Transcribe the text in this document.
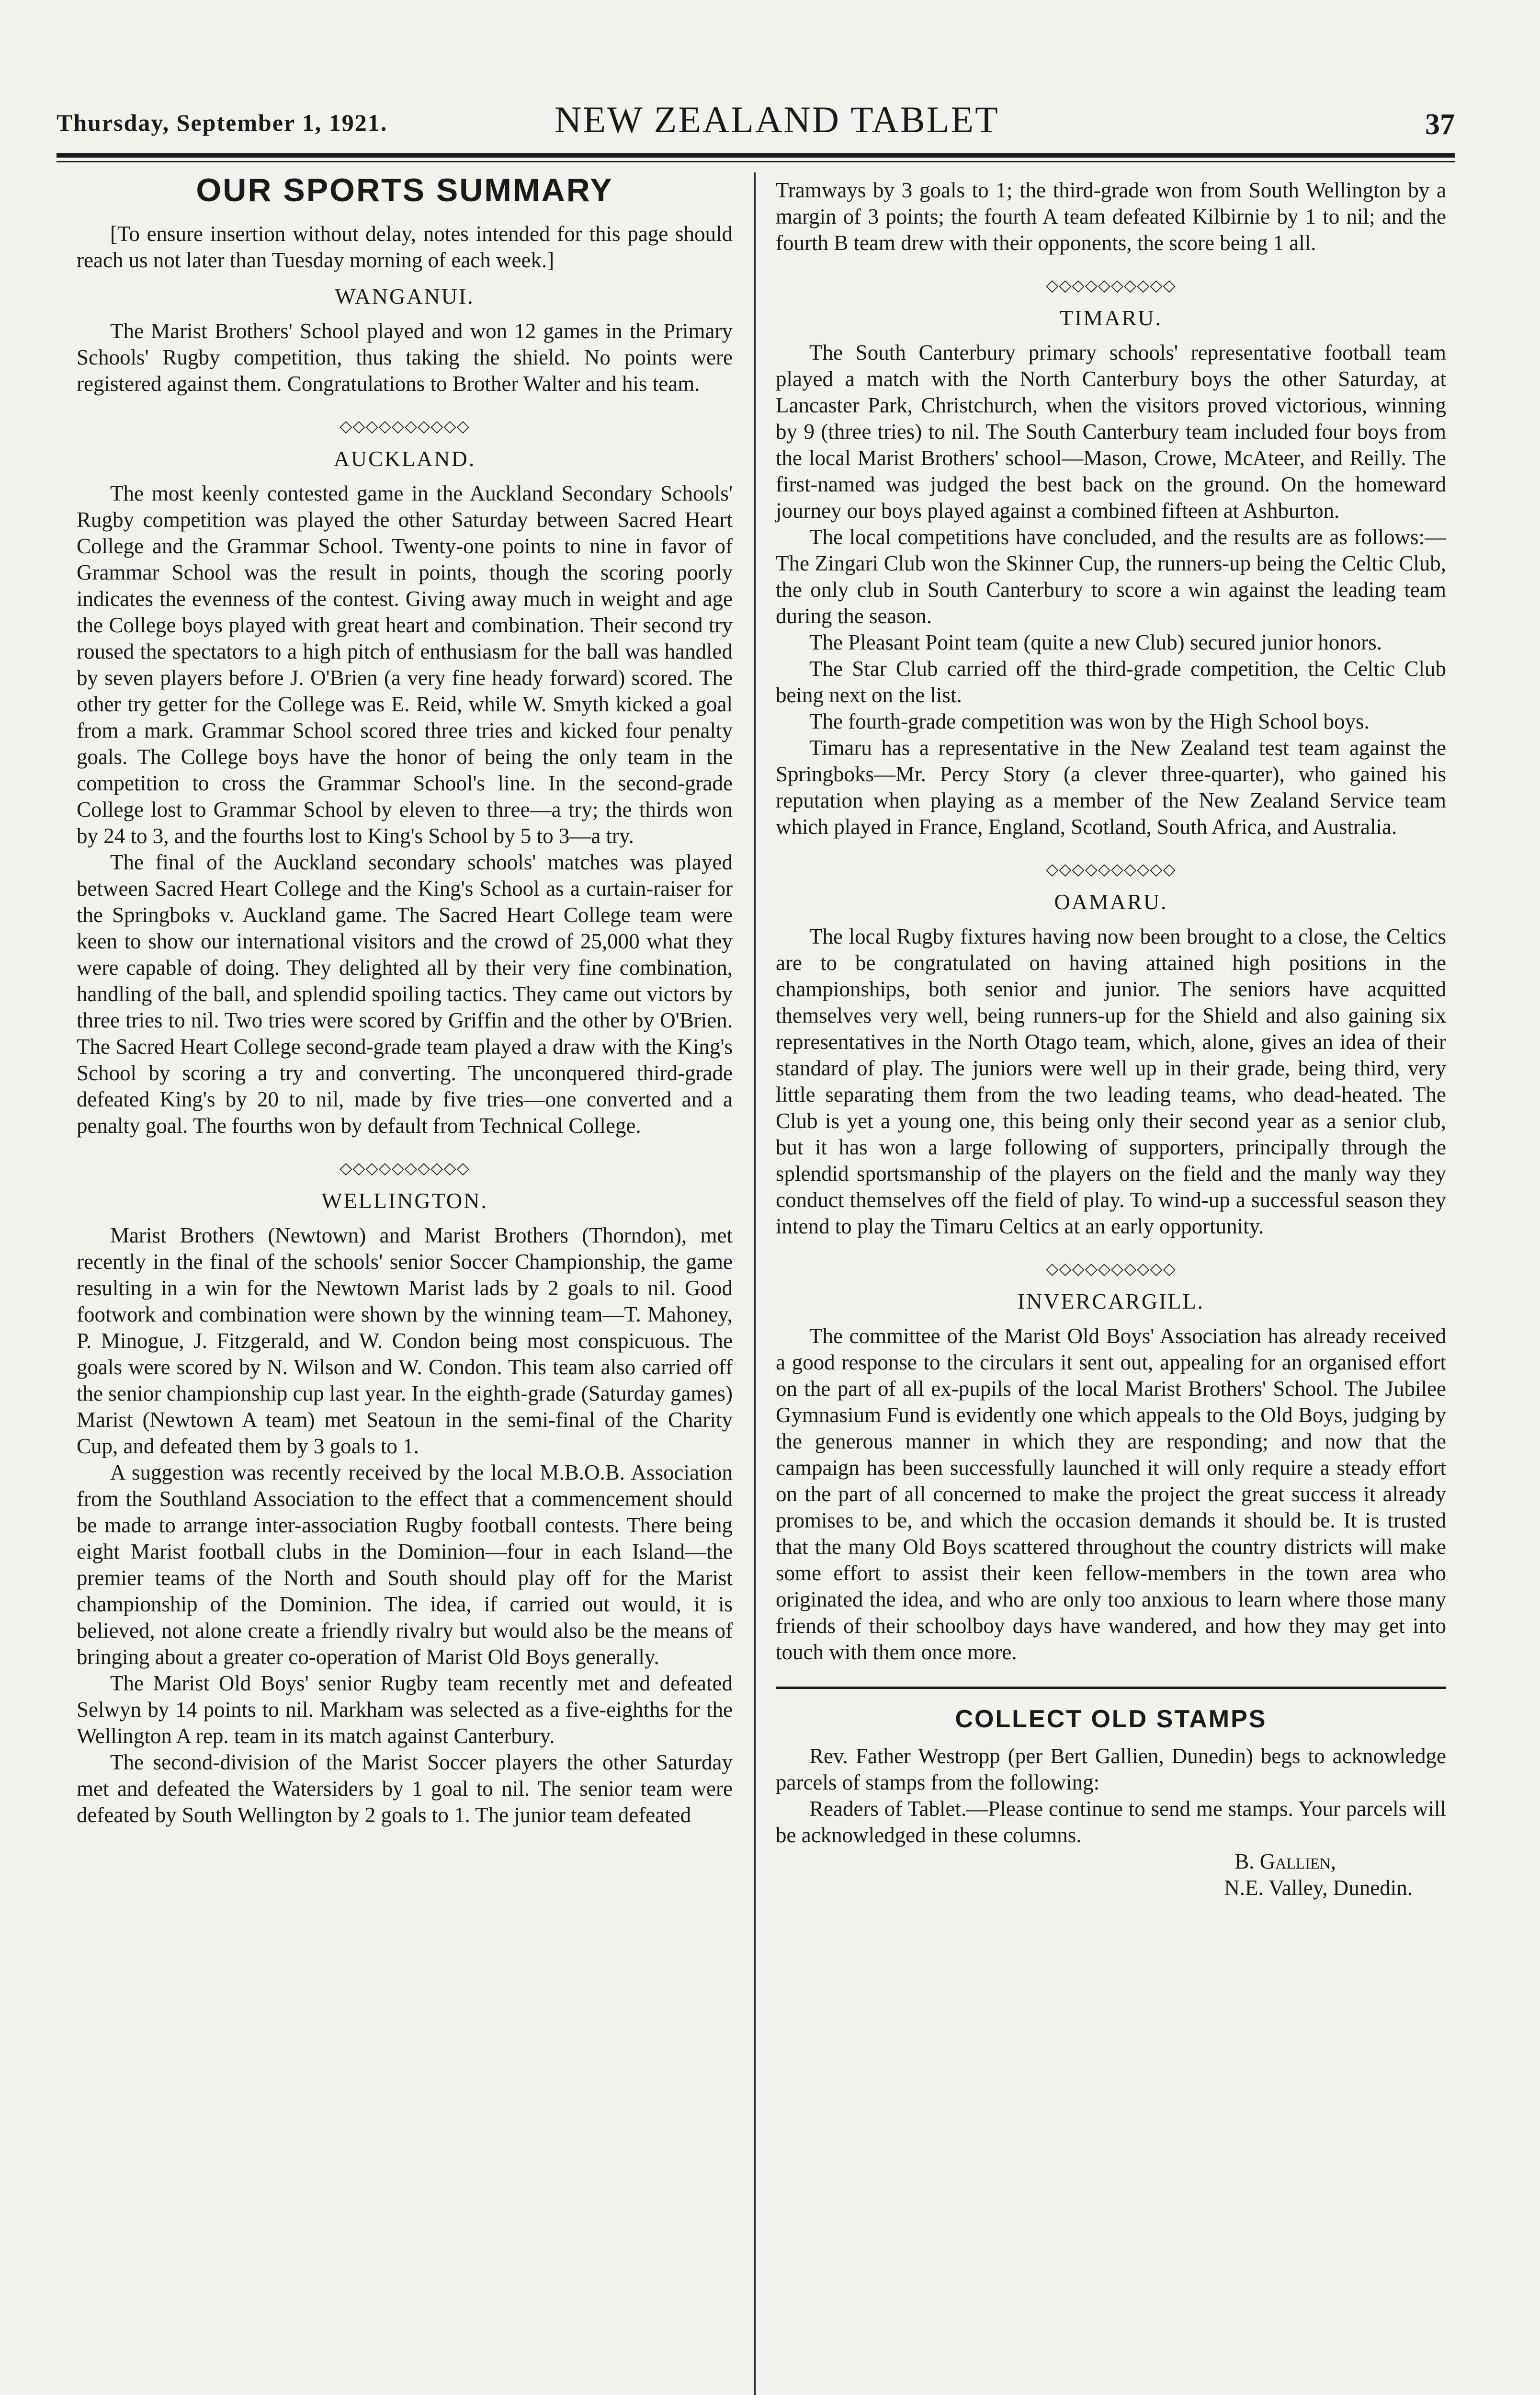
Thursday, September 1, 1921.	NEW ZEALAND TABLET	37
OUR SPORTS SUMMARY

[To ensure insertion without delay, notes intended for this page should reach us not later than Tuesday morning of each week.]

WANGANUI.

The Marist Brothers' School played and won 12 games in the Primary Schools' Rugby competition, thus taking the shield. No points were registered against them. Congratulations to Brother Walter and his team.

◇◇◇◇◇◇◇◇◇◇
AUCKLAND.

The most keenly contested game in the Auckland Secondary Schools' Rugby competition was played the other Saturday between Sacred Heart College and the Grammar School. Twenty-one points to nine in favor of Grammar School was the result in points, though the scoring poorly indicates the evenness of the contest. Giving away much in weight and age the College boys played with great heart and combination. Their second try roused the spectators to a high pitch of enthusiasm for the ball was handled by seven players before J. O'Brien (a very fine heady forward) scored. The other try getter for the College was E. Reid, while W. Smyth kicked a goal from a mark. Grammar School scored three tries and kicked four penalty goals. The College boys have the honor of being the only team in the competition to cross the Grammar School's line. In the second-grade College lost to Grammar School by eleven to three—a try; the thirds won by 24 to 3, and the fourths lost to King's School by 5 to 3—a try.

The final of the Auckland secondary schools' matches was played between Sacred Heart College and the King's School as a curtain-raiser for the Springboks v. Auckland game. The Sacred Heart College team were keen to show our international visitors and the crowd of 25,000 what they were capable of doing. They delighted all by their very fine combination, handling of the ball, and splendid spoiling tactics. They came out victors by three tries to nil. Two tries were scored by Griffin and the other by O'Brien. The Sacred Heart College second-grade team played a draw with the King's School by scoring a try and converting. The unconquered third-grade defeated King's by 20 to nil, made by five tries—one converted and a penalty goal. The fourths won by default from Technical College.

◇◇◇◇◇◇◇◇◇◇
WELLINGTON.

Marist Brothers (Newtown) and Marist Brothers (Thorndon), met recently in the final of the schools' senior Soccer Championship, the game resulting in a win for the Newtown Marist lads by 2 goals to nil. Good footwork and combination were shown by the winning team—T. Mahoney, P. Minogue, J. Fitzgerald, and W. Condon being most conspicuous. The goals were scored by N. Wilson and W. Condon. This team also carried off the senior championship cup last year. In the eighth-grade (Saturday games) Marist (Newtown A team) met Seatoun in the semi-final of the Charity Cup, and defeated them by 3 goals to 1.

A suggestion was recently received by the local M.B.O.B. Association from the Southland Association to the effect that a commencement should be made to arrange inter-association Rugby football contests. There being eight Marist football clubs in the Dominion—four in each Island—the premier teams of the North and South should play off for the Marist championship of the Dominion. The idea, if carried out would, it is believed, not alone create a friendly rivalry but would also be the means of bringing about a greater co-operation of Marist Old Boys generally.

The Marist Old Boys' senior Rugby team recently met and defeated Selwyn by 14 points to nil. Markham was selected as a five-eighths for the Wellington A rep. team in its match against Canterbury.

The second-division of the Marist Soccer players the other Saturday met and defeated the Watersiders by 1 goal to nil. The senior team were defeated by South Wellington by 2 goals to 1. The junior team defeated

Tramways by 3 goals to 1; the third-grade won from South Wellington by a margin of 3 points; the fourth A team defeated Kilbirnie by 1 to nil; and the fourth B team drew with their opponents, the score being 1 all.

◇◇◇◇◇◇◇◇◇◇
TIMARU.

The South Canterbury primary schools' representative football team played a match with the North Canterbury boys the other Saturday, at Lancaster Park, Christchurch, when the visitors proved victorious, winning by 9 (three tries) to nil. The South Canterbury team included four boys from the local Marist Brothers' school—Mason, Crowe, McAteer, and Reilly. The first-named was judged the best back on the ground. On the homeward journey our boys played against a combined fifteen at Ashburton.

The local competitions have concluded, and the results are as follows:—The Zingari Club won the Skinner Cup, the runners-up being the Celtic Club, the only club in South Canterbury to score a win against the leading team during the season.

The Pleasant Point team (quite a new Club) secured junior honors.

The Star Club carried off the third-grade competition, the Celtic Club being next on the list.

The fourth-grade competition was won by the High School boys.

Timaru has a representative in the New Zealand test team against the Springboks—Mr. Percy Story (a clever three-quarter), who gained his reputation when playing as a member of the New Zealand Service team which played in France, England, Scotland, South Africa, and Australia.

◇◇◇◇◇◇◇◇◇◇
OAMARU.

The local Rugby fixtures having now been brought to a close, the Celtics are to be congratulated on having attained high positions in the championships, both senior and junior. The seniors have acquitted themselves very well, being runners-up for the Shield and also gaining six representatives in the North Otago team, which, alone, gives an idea of their standard of play. The juniors were well up in their grade, being third, very little separating them from the two leading teams, who dead-heated. The Club is yet a young one, this being only their second year as a senior club, but it has won a large following of supporters, principally through the splendid sportsmanship of the players on the field and the manly way they conduct themselves off the field of play. To wind-up a successful season they intend to play the Timaru Celtics at an early opportunity.

◇◇◇◇◇◇◇◇◇◇
INVERCARGILL.

The committee of the Marist Old Boys' Association has already received a good response to the circulars it sent out, appealing for an organised effort on the part of all ex-pupils of the local Marist Brothers' School. The Jubilee Gymnasium Fund is evidently one which appeals to the Old Boys, judging by the generous manner in which they are responding; and now that the campaign has been successfully launched it will only require a steady effort on the part of all concerned to make the project the great success it already promises to be, and which the occasion demands it should be. It is trusted that the many Old Boys scattered throughout the country districts will make some effort to assist their keen fellow-members in the town area who originated the idea, and who are only too anxious to learn where those many friends of their schoolboy days have wandered, and how they may get into touch with them once more.

COLLECT OLD STAMPS

Rev. Father Westropp (per Bert Gallien, Dunedin) begs to acknowledge parcels of stamps from the following:

Readers of Tablet.—Please continue to send me stamps. Your parcels will be acknowledged in these columns.

B. Gallien,

N.E. Valley, Dunedin.
